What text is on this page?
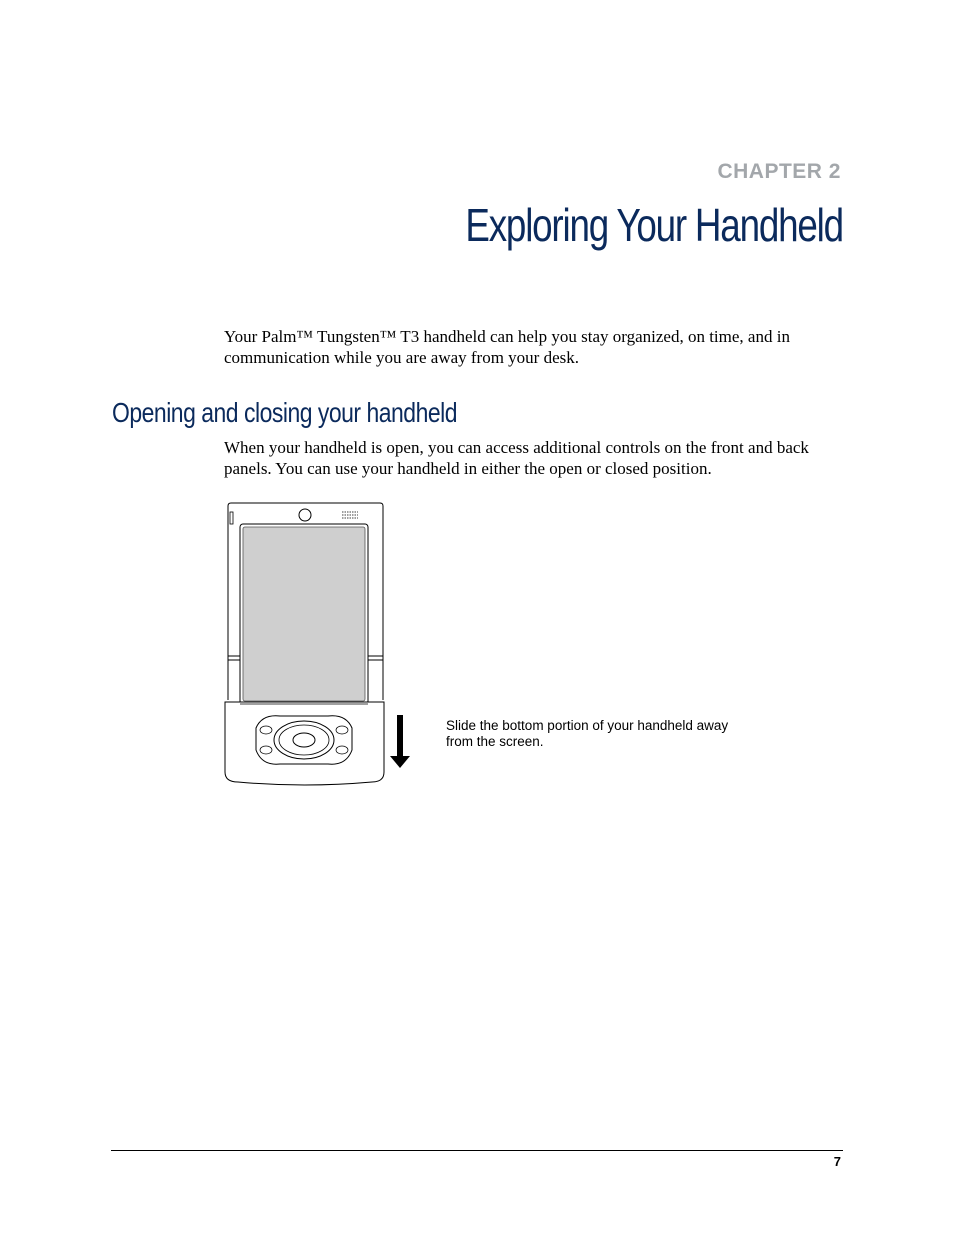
CHAPTER 2
Exploring Your Handheld

Your Palm™ Tungsten™ T3 handheld can help you stay organized, on time, and in communication while you are away from your desk.

Opening and closing your handheld

When your handheld is open, you can access additional controls on the front and back panels. You can use your handheld in either the open or closed position.

Slide the bottom portion of your handheld away from the screen.

7
